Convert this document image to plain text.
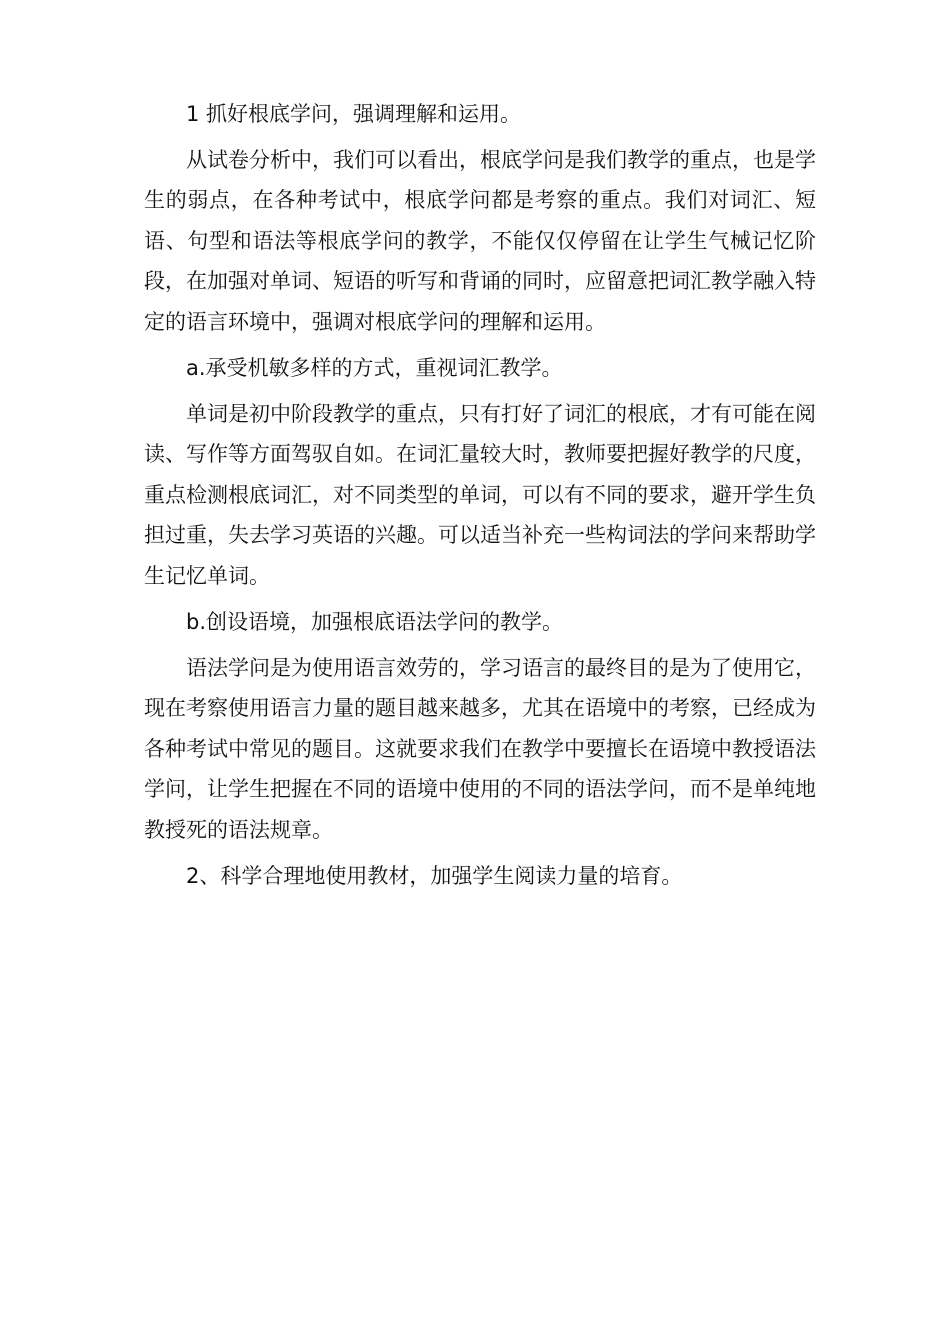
1 抓好根底学问，强调理解和运用。

从试卷分析中，我们可以看出，根底学问是我们教学的重点，也是学生的弱点，在各种考试中，根底学问都是考察的重点。我们对词汇、短语、句型和语法等根底学问的教学，不能仅仅停留在让学生气械记忆阶段，在加强对单词、短语的听写和背诵的同时，应留意把词汇教学融入特定的语言环境中，强调对根底学问的理解和运用。

a.承受机敏多样的方式，重视词汇教学。

单词是初中阶段教学的重点，只有打好了词汇的根底，才有可能在阅读、写作等方面驾驭自如。在词汇量较大时，教师要把握好教学的尺度，重点检测根底词汇，对不同类型的单词，可以有不同的要求，避开学生负担过重，失去学习英语的兴趣。可以适当补充一些构词法的学问来帮助学生记忆单词。

b.创设语境，加强根底语法学问的教学。

语法学问是为使用语言效劳的，学习语言的最终目的是为了使用它，现在考察使用语言力量的题目越来越多，尤其在语境中的考察，已经成为各种考试中常见的题目。这就要求我们在教学中要擅长在语境中教授语法学问，让学生把握在不同的语境中使用的不同的语法学问，而不是单纯地教授死的语法规章。

2、科学合理地使用教材，加强学生阅读力量的培育。
